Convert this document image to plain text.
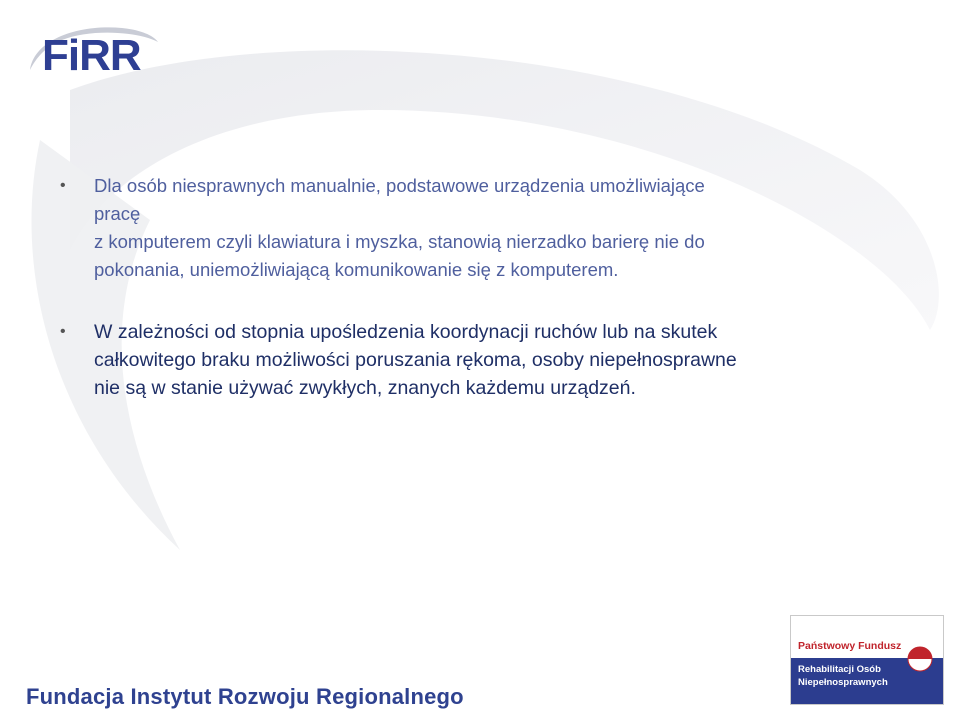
FiRR
• Dla osób niesprawnych manualnie, podstawowe urządzenia umożliwiające

pracę

z komputerem czyli klawiatura i myszka, stanowią nierzadko barierę nie do

pokonania, uniemożliwiającą komunikowanie się z komputerem.

• W zależności od stopnia upośledzenia koordynacji ruchów lub na skutek

całkowitego braku możliwości poruszania rękoma, osoby niepełnosprawne

nie są w stanie używać zwykłych, znanych każdemu urządzeń.

Fundacja Instytut Rozwoju Regionalnego
Państwowy Fundusz
Rehabilitacji Osób
Niepełnosprawnych
